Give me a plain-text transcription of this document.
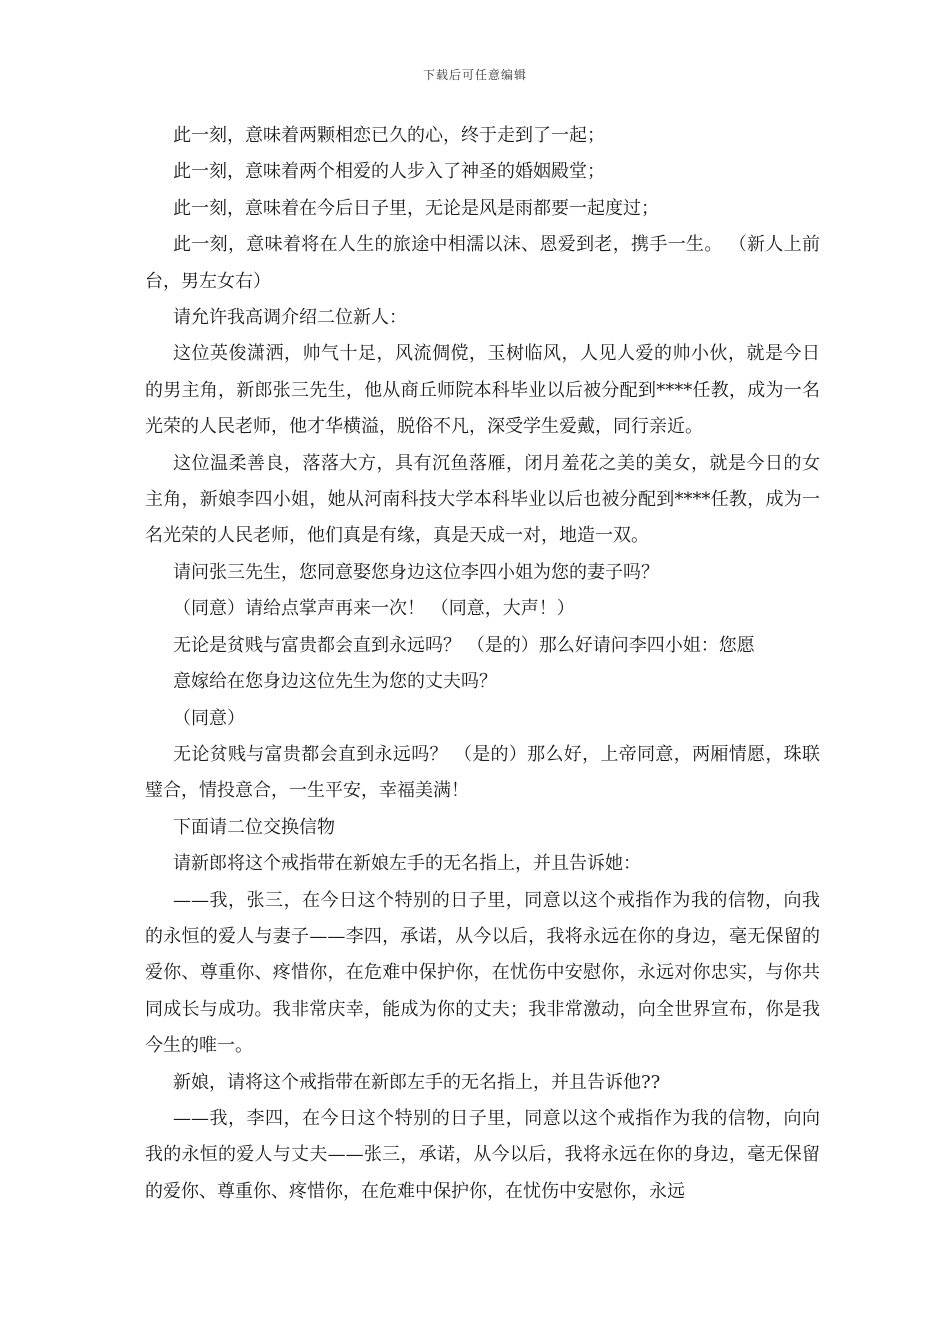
下载后可任意编辑

此一刻，意味着两颗相恋已久的心，终于走到了一起；

此一刻，意味着两个相爱的人步入了神圣的婚姻殿堂；

此一刻，意味着在今后日子里，无论是风是雨都要一起度过；

此一刻，意味着将在人生的旅途中相濡以沫、恩爱到老，携手一生。 （新人上前台，男左女右）

请允许我高调介绍二位新人：

这位英俊潇洒，帅气十足，风流倜傥，玉树临风，人见人爱的帅小伙，就是今日的男主角，新郎张三先生，他从商丘师院本科毕业以后被分配到****任教，成为一名光荣的人民老师，他才华横溢，脱俗不凡，深受学生爱戴，同行亲近。

这位温柔善良，落落大方，具有沉鱼落雁，闭月羞花之美的美女，就是今日的女主角，新娘李四小姐，她从河南科技大学本科毕业以后也被分配到****任教，成为一名光荣的人民老师，他们真是有缘，真是天成一对，地造一双。

请问张三先生，您同意娶您身边这位李四小姐为您的妻子吗？

（同意）请给点掌声再来一次！ （同意，大声！）

无论是贫贱与富贵都会直到永远吗？ （是的）那么好请问李四小姐：您愿

意嫁给在您身边这位先生为您的丈夫吗？

（同意）

无论贫贱与富贵都会直到永远吗？ （是的）那么好，上帝同意，两厢情愿，珠联璧合，情投意合，一生平安，幸福美满！

下面请二位交换信物

请新郎将这个戒指带在新娘左手的无名指上，并且告诉她：

——我，张三，在今日这个特别的日子里，同意以这个戒指作为我的信物，向我的永恒的爱人与妻子——李四，承诺，从今以后，我将永远在你的身边，毫无保留的爱你、尊重你、疼惜你，在危难中保护你，在忧伤中安慰你，永远对你忠实，与你共同成长与成功。我非常庆幸，能成为你的丈夫；我非常激动，向全世界宣布，你是我今生的唯一。

新娘，请将这个戒指带在新郎左手的无名指上，并且告诉他??

——我，李四，在今日这个特别的日子里，同意以这个戒指作为我的信物，向向我的永恒的爱人与丈夫——张三，承诺，从今以后，我将永远在你的身边，毫无保留的爱你、尊重你、疼惜你，在危难中保护你，在忧伤中安慰你，永远
